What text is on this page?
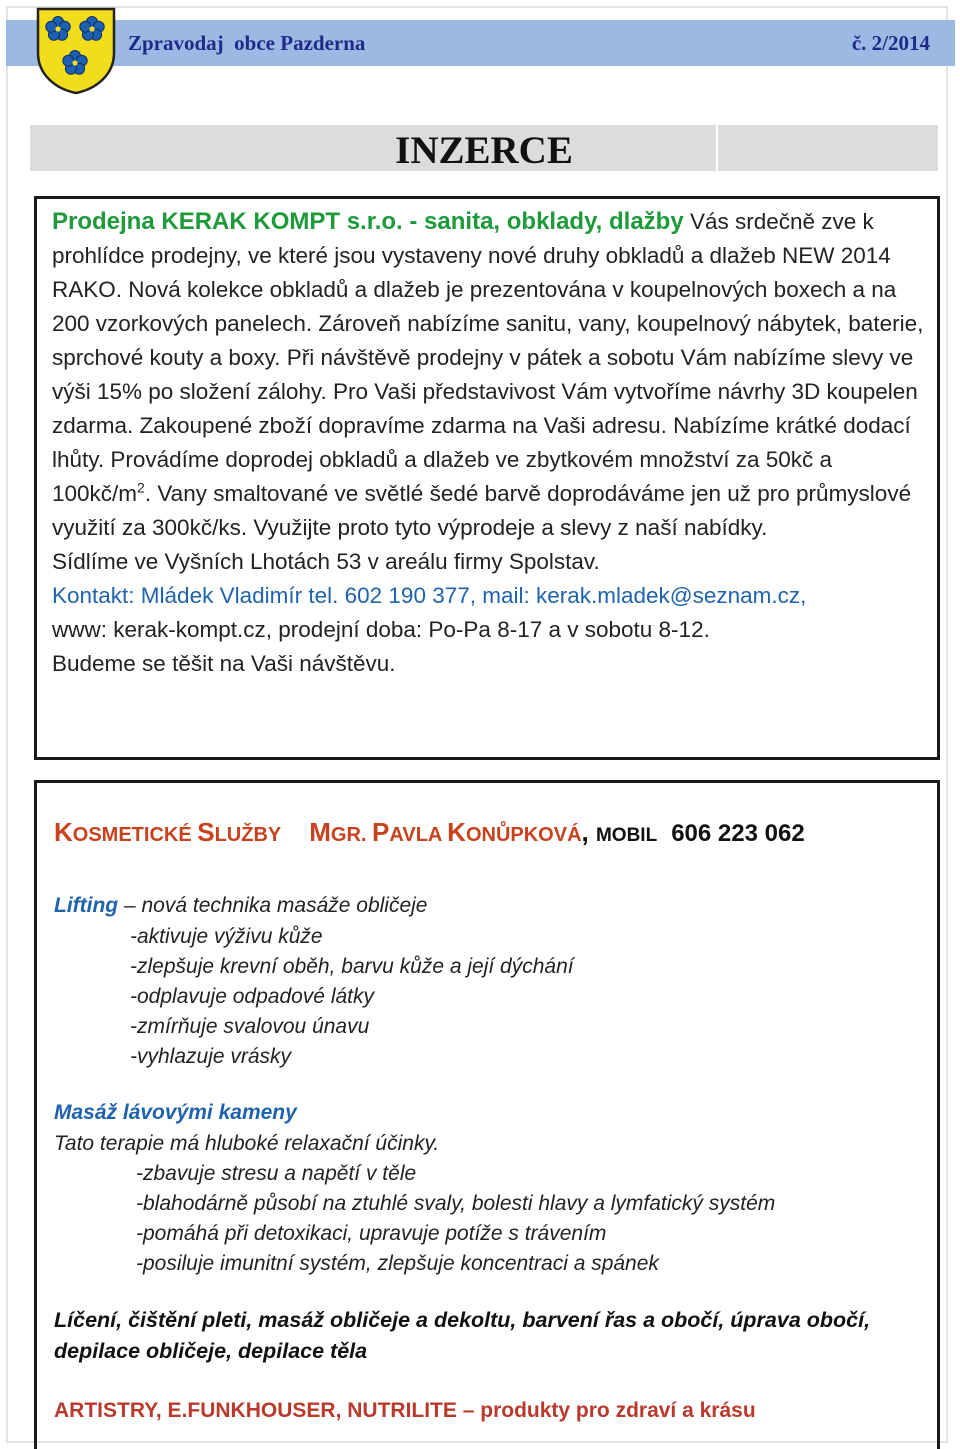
Zpravodaj  obce Pazderna	č. 2/2014
INZERCE

Prodejna KERAK KOMPT s.r.o. - sanita, obklady, dlažby Vás srdečně zve k prohlídce prodejny, ve které jsou vystaveny nové druhy obkladů a dlažeb NEW 2014 RAKO. Nová kolekce obkladů a dlažeb je prezentována v koupelnových boxech a na 200 vzorkových panelech. Zároveň nabízíme sanitu, vany, koupelnový nábytek, baterie, sprchové kouty a boxy. Při návštěvě prodejny v pátek a sobotu Vám nabízíme slevy ve výši 15% po složení zálohy. Pro Vaši představivost Vám vytvoříme návrhy 3D koupelen zdarma. Zakoupené zboží dopravíme zdarma na Vaši adresu. Nabízíme krátké dodací lhůty. Provádíme doprodej obkladů a dlažeb ve zbytkovém množství za 50kč a $100kč/m^2$. Vany smaltované ve světlé šedé barvě doprodáváme jen už pro průmyslové využití za 300kč/ks. Využijte proto tyto výprodeje a slevy z naší nabídky.
Sídlíme ve Vyšních Lhotách 53 v areálu firmy Spolstav.
Kontakt: Mládek Vladimír tel. 602 190 377, mail: kerak.mladek@seznam.cz,
www: kerak-kompt.cz, prodejní doba: Po-Pa 8-17 a v sobotu 8-12.
Budeme se těšit na Vaši návštěvu.

KOSMETICKÉ SLUŽBY MGR. PAVLA KONŮPKOVÁ, MOBIL 606 223 062
Lifting – nová technika masáže obličeje
-aktivuje výživu kůže
-zlepšuje krevní oběh, barvu kůže a její dýchání
-odplavuje odpadové látky
-zmírňuje svalovou únavu
-vyhlazuje vrásky
Masáž lávovými kameny
Tato terapie má hluboké relaxační účinky.
-zbavuje stresu a napětí v těle
-blahodárně působí na ztuhlé svaly, bolesti hlavy a lymfatický systém
-pomáhá při detoxikaci, upravuje potíže s trávením
-posiluje imunitní systém, zlepšuje koncentraci a spánek

Líčení, čištění pleti, masáž obličeje a dekoltu, barvení řas a obočí, úprava obočí, depilace obličeje, depilace těla

ARTISTRY, E.FUNKHOUSER, NUTRILITE – produkty pro zdraví a krásu
